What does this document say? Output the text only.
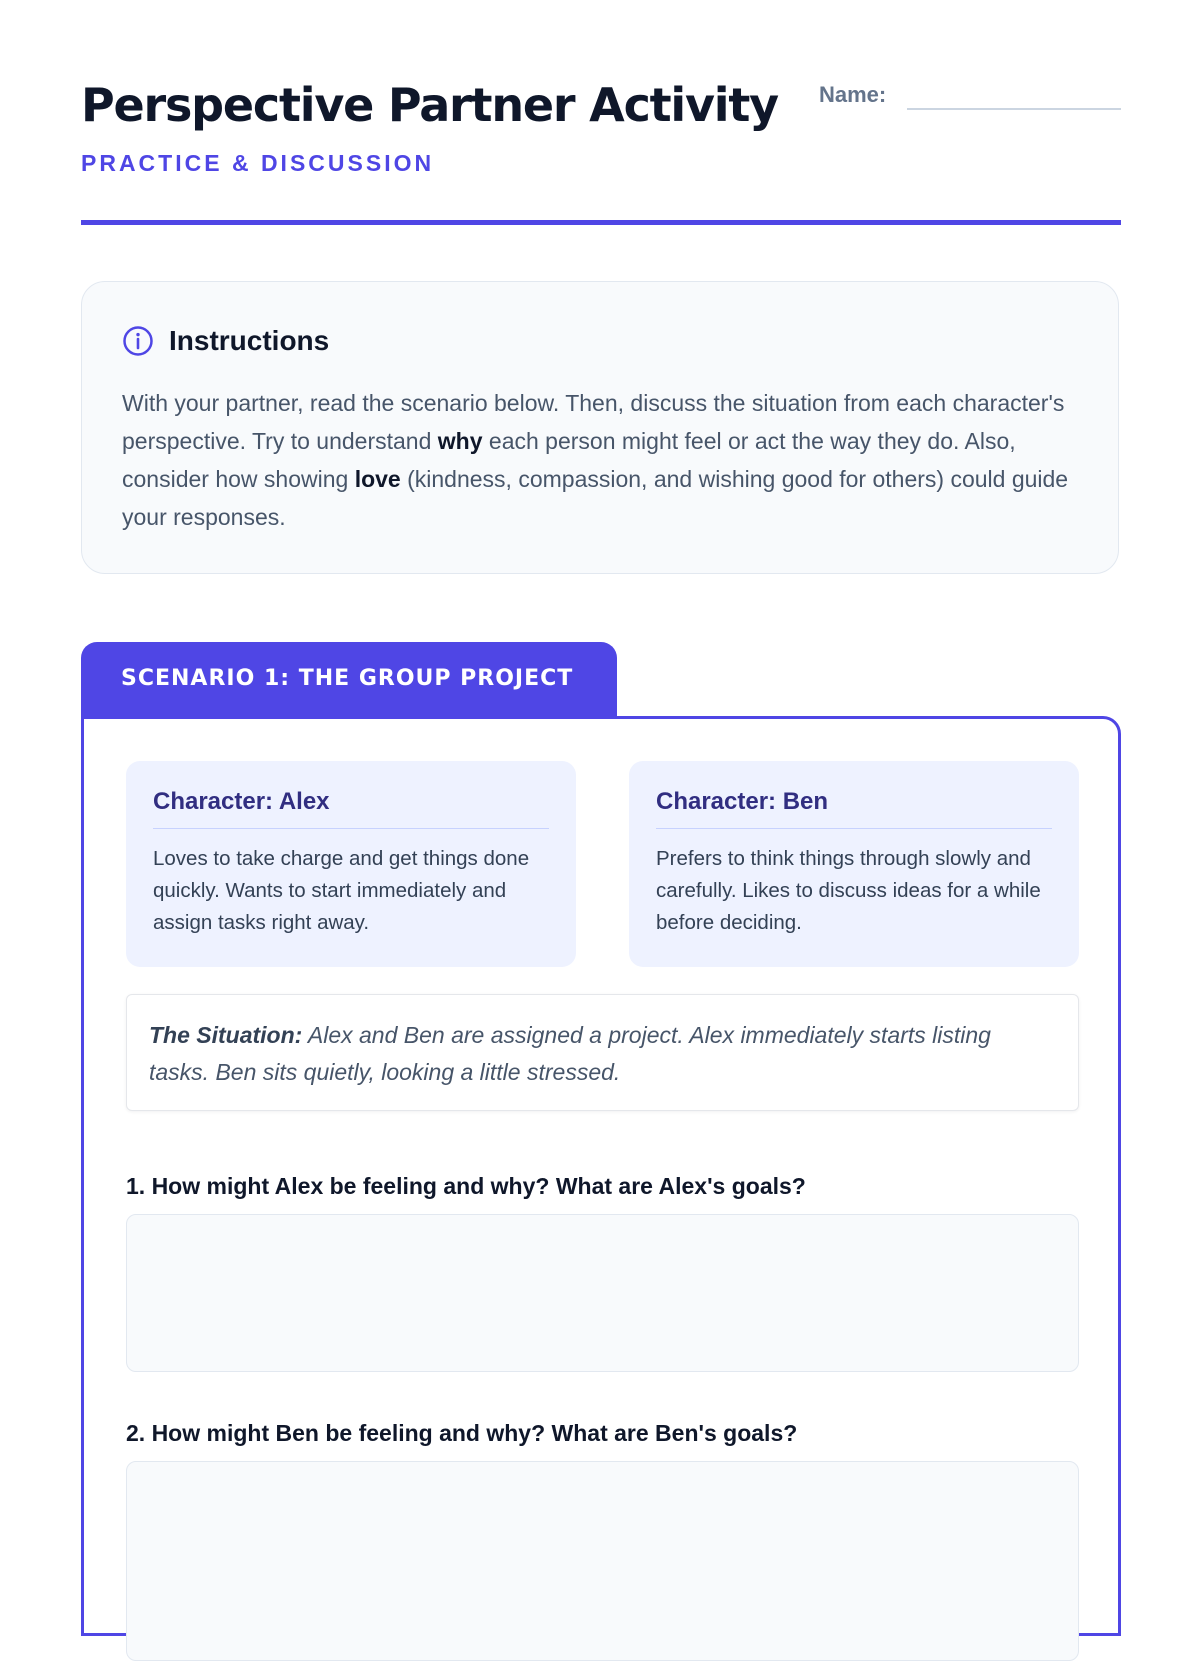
Perspective Partner Activity
PRACTICE & DISCUSSION
Name:
Instructions
With your partner, read the scenario below. Then, discuss the situation from each character's perspective. Try to understand why each person might feel or act the way they do. Also, consider how showing love (kindness, compassion, and wishing good for others) could guide your responses.
SCENARIO 1: THE GROUP PROJECT
Character: Alex
Loves to take charge and get things done quickly. Wants to start immediately and assign tasks right away.
Character: Ben
Prefers to think things through slowly and carefully. Likes to discuss ideas for a while before deciding.
The Situation: Alex and Ben are assigned a project. Alex immediately starts listing tasks. Ben sits quietly, looking a little stressed.
1. How might Alex be feeling and why? What are Alex's goals?
2. How might Ben be feeling and why? What are Ben's goals?
